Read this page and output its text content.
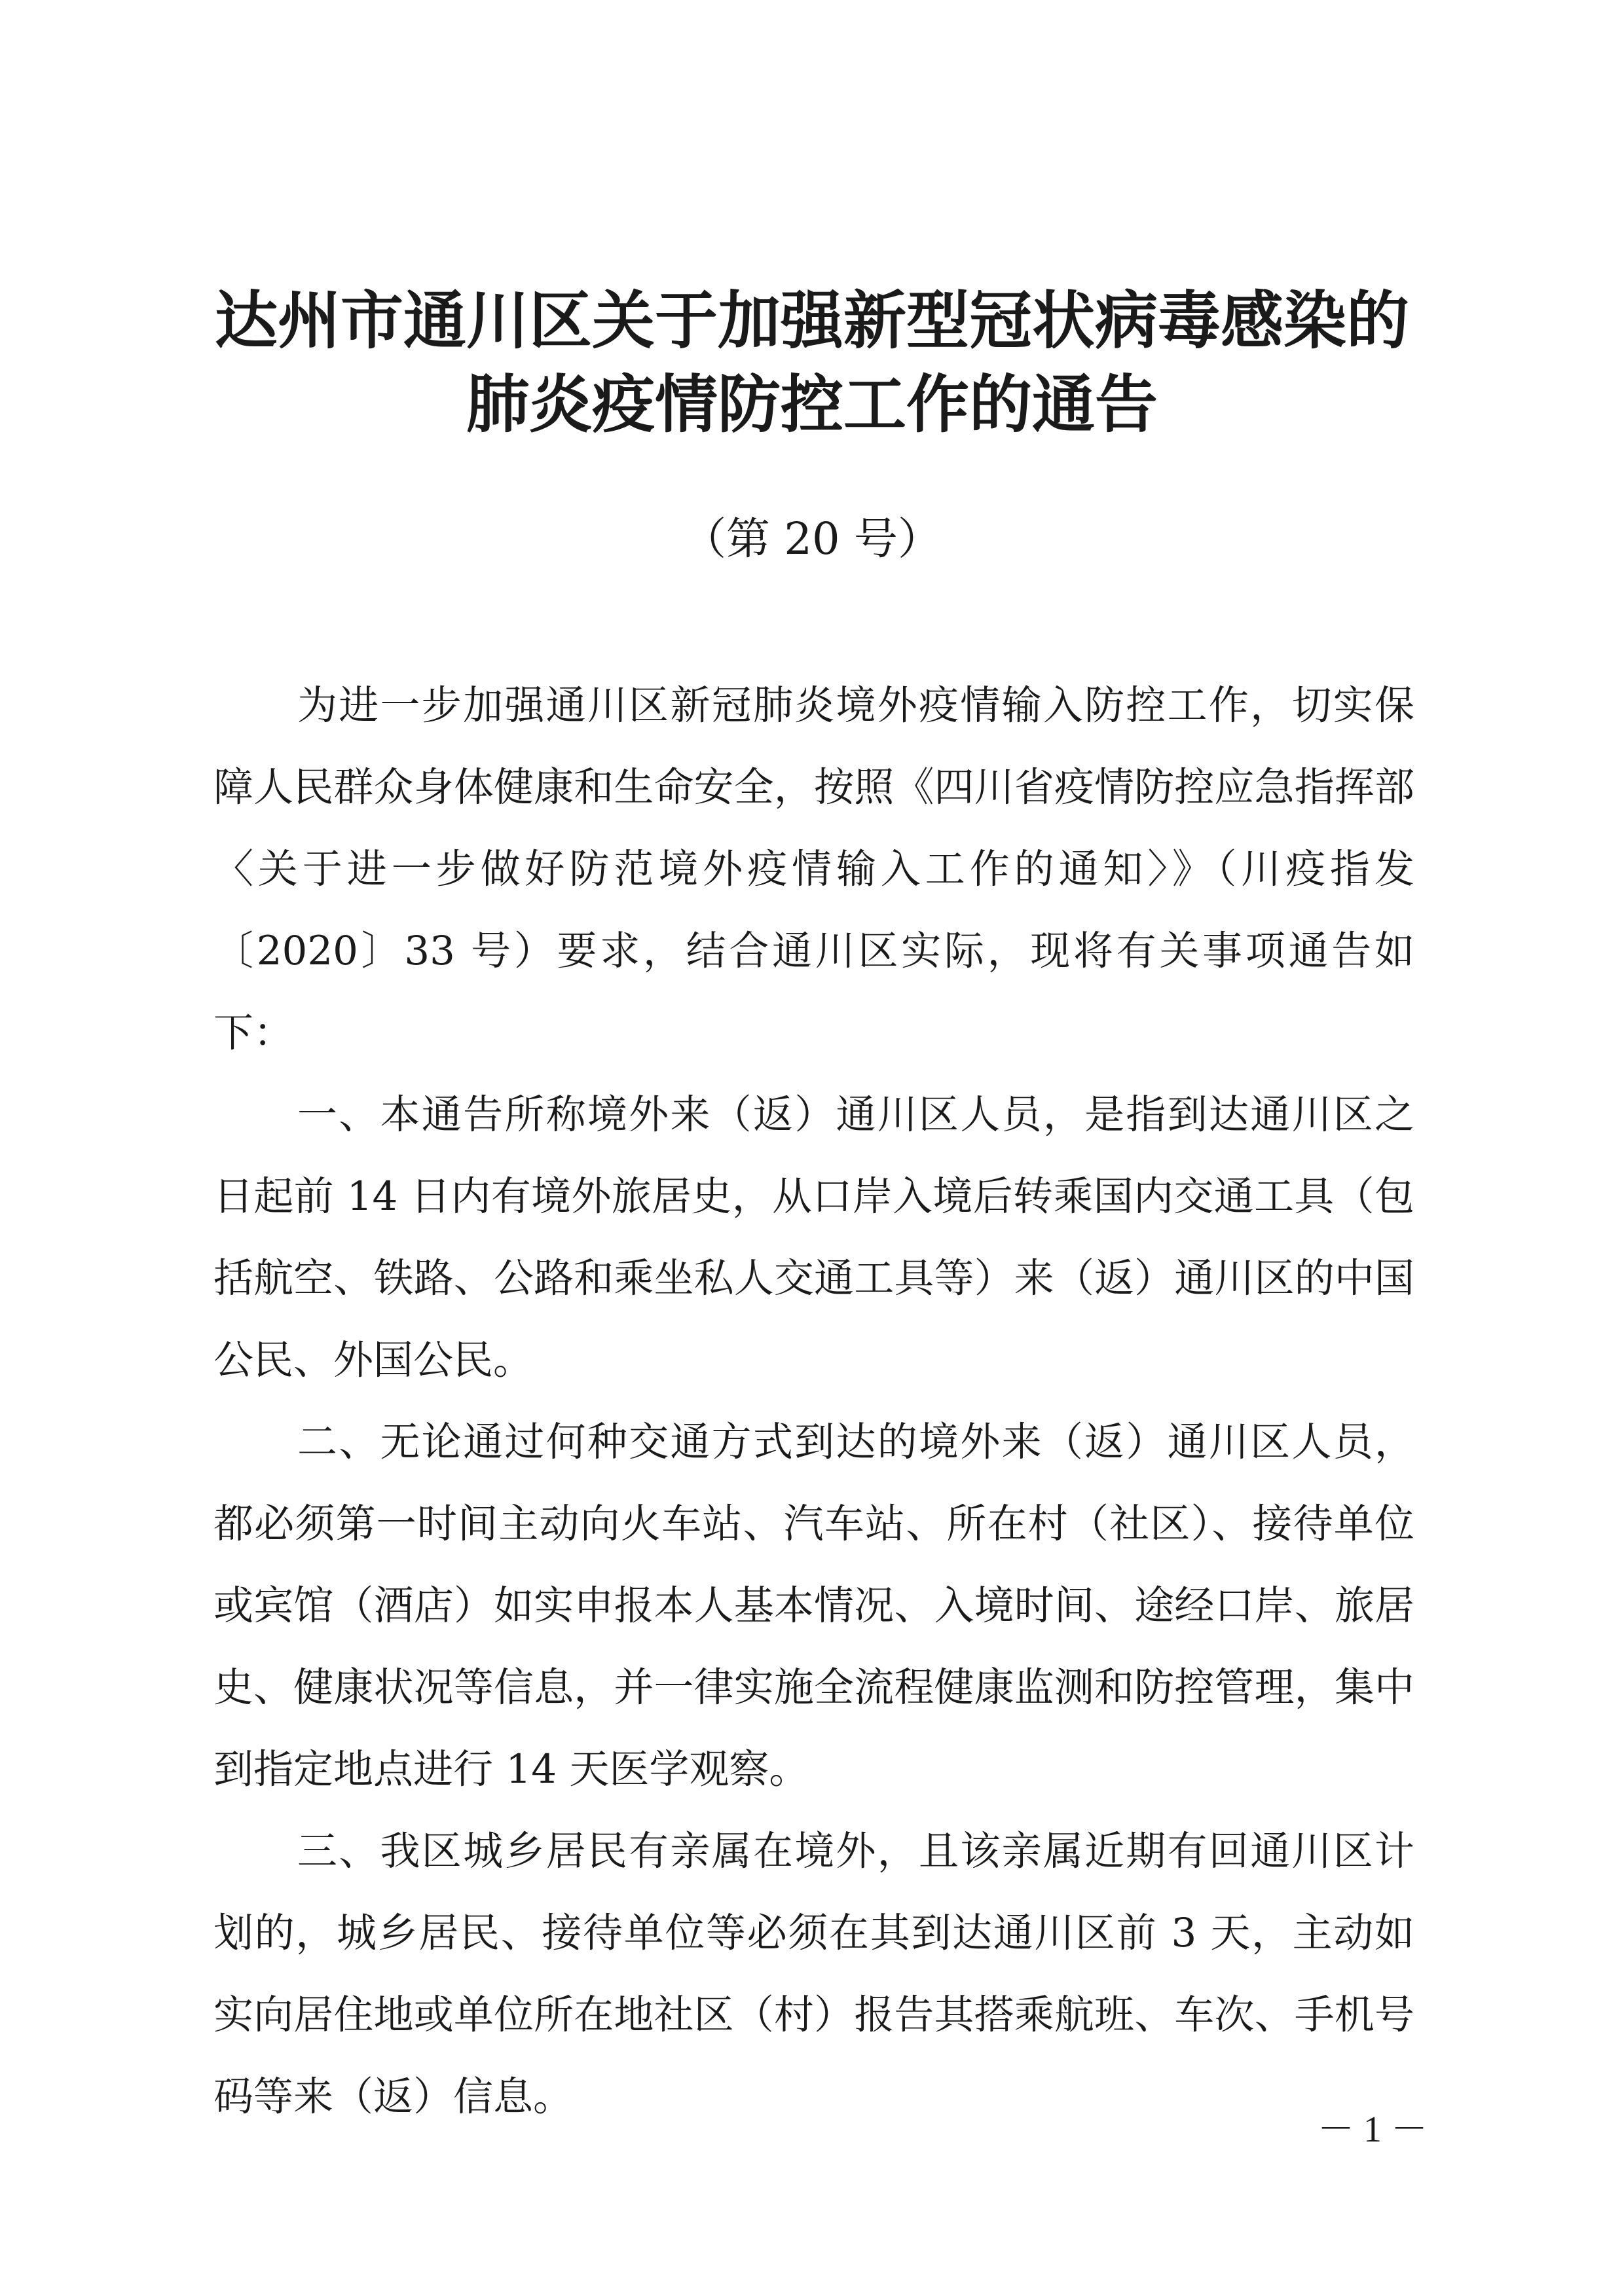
达州市通川区关于加强新型冠状病毒感染的
肺炎疫情防控工作的通告
（第 20 号）

为进一步加强通川区新冠肺炎境外疫情输入防控工作，切实保障人民群众身体健康和生命安全，按照《四川省疫情防控应急指挥部〈关于进一步做好防范境外疫情输入工作的通知〉》（川疫指发〔2020〕33 号）要求，结合通川区实际，现将有关事项通告如下：

一、本通告所称境外来（返）通川区人员，是指到达通川区之日起前 14 日内有境外旅居史，从口岸入境后转乘国内交通工具（包括航空、铁路、公路和乘坐私人交通工具等）来（返）通川区的中国公民、外国公民。

二、无论通过何种交通方式到达的境外来（返）通川区人员，都必须第一时间主动向火车站、汽车站、所在村（社区）、接待单位或宾馆（酒店）如实申报本人基本情况、入境时间、途经口岸、旅居史、健康状况等信息，并一律实施全流程健康监测和防控管理，集中到指定地点进行 14 天医学观察。

三、我区城乡居民有亲属在境外，且该亲属近期有回通川区计划的，城乡居民、接待单位等必须在其到达通川区前 3 天，主动如实向居住地或单位所在地社区（村）报告其搭乘航班、车次、手机号码等来（返）信息。

－ 1 －
